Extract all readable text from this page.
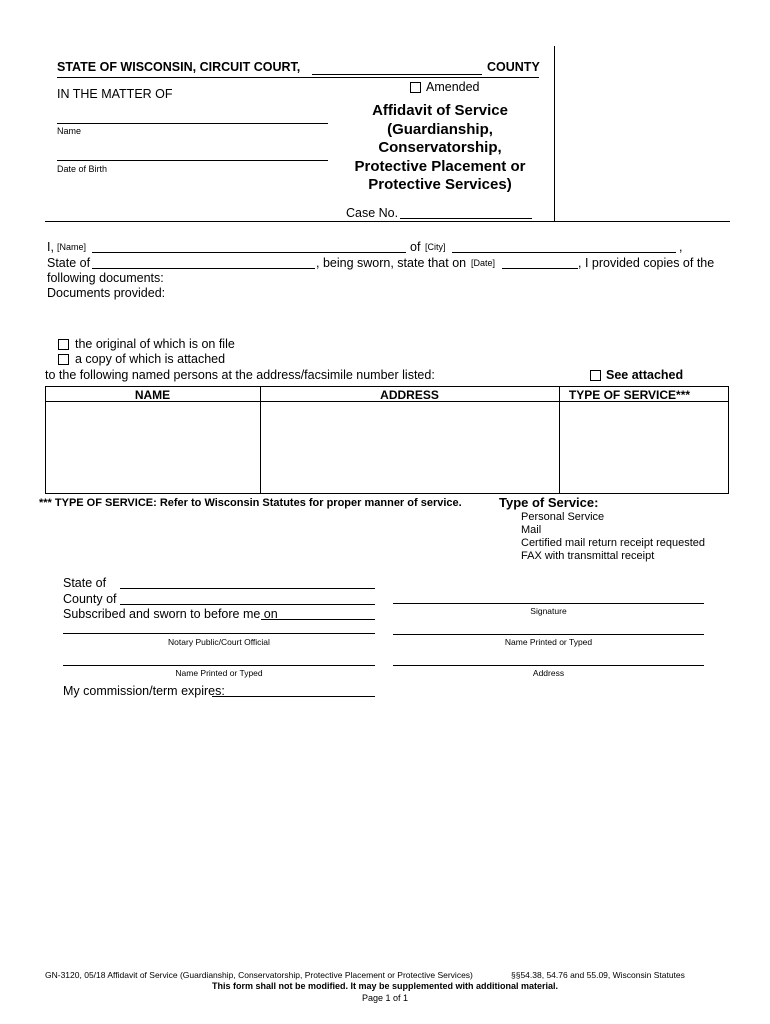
STATE OF WISCONSIN, CIRCUIT COURT,	COUNTY
Amended
IN THE MATTER OF
Name
Date of Birth
Affidavit of Service
(Guardianship,
Conservatorship,
Protective Placement or
Protective Services)
Case No.
I, [Name]	of [City]	,
State of	, being sworn, state that on [Date]	, I provided copies of the
following documents:
Documents provided:
the original of which is on file
a copy of which is attached
to the following named persons at the address/facsimile number listed:	See attached
NAME	ADDRESS	TYPE OF SERVICE***
*** TYPE OF SERVICE: Refer to Wisconsin Statutes for proper manner of service.	Type of Service:
Personal Service
Mail
Certified mail return receipt requested
FAX with transmittal receipt
State of
County of
Subscribed and sworn to before me on
Notary Public/Court Official
Name Printed or Typed
My commission/term expires:
Signature
Name Printed or Typed
Address
GN-3120, 05/18 Affidavit of Service (Guardianship, Conservatorship, Protective Placement or Protective Services)	§§54.38, 54.76 and 55.09, Wisconsin Statutes
This form shall not be modified. It may be supplemented with additional material.
Page 1 of 1
